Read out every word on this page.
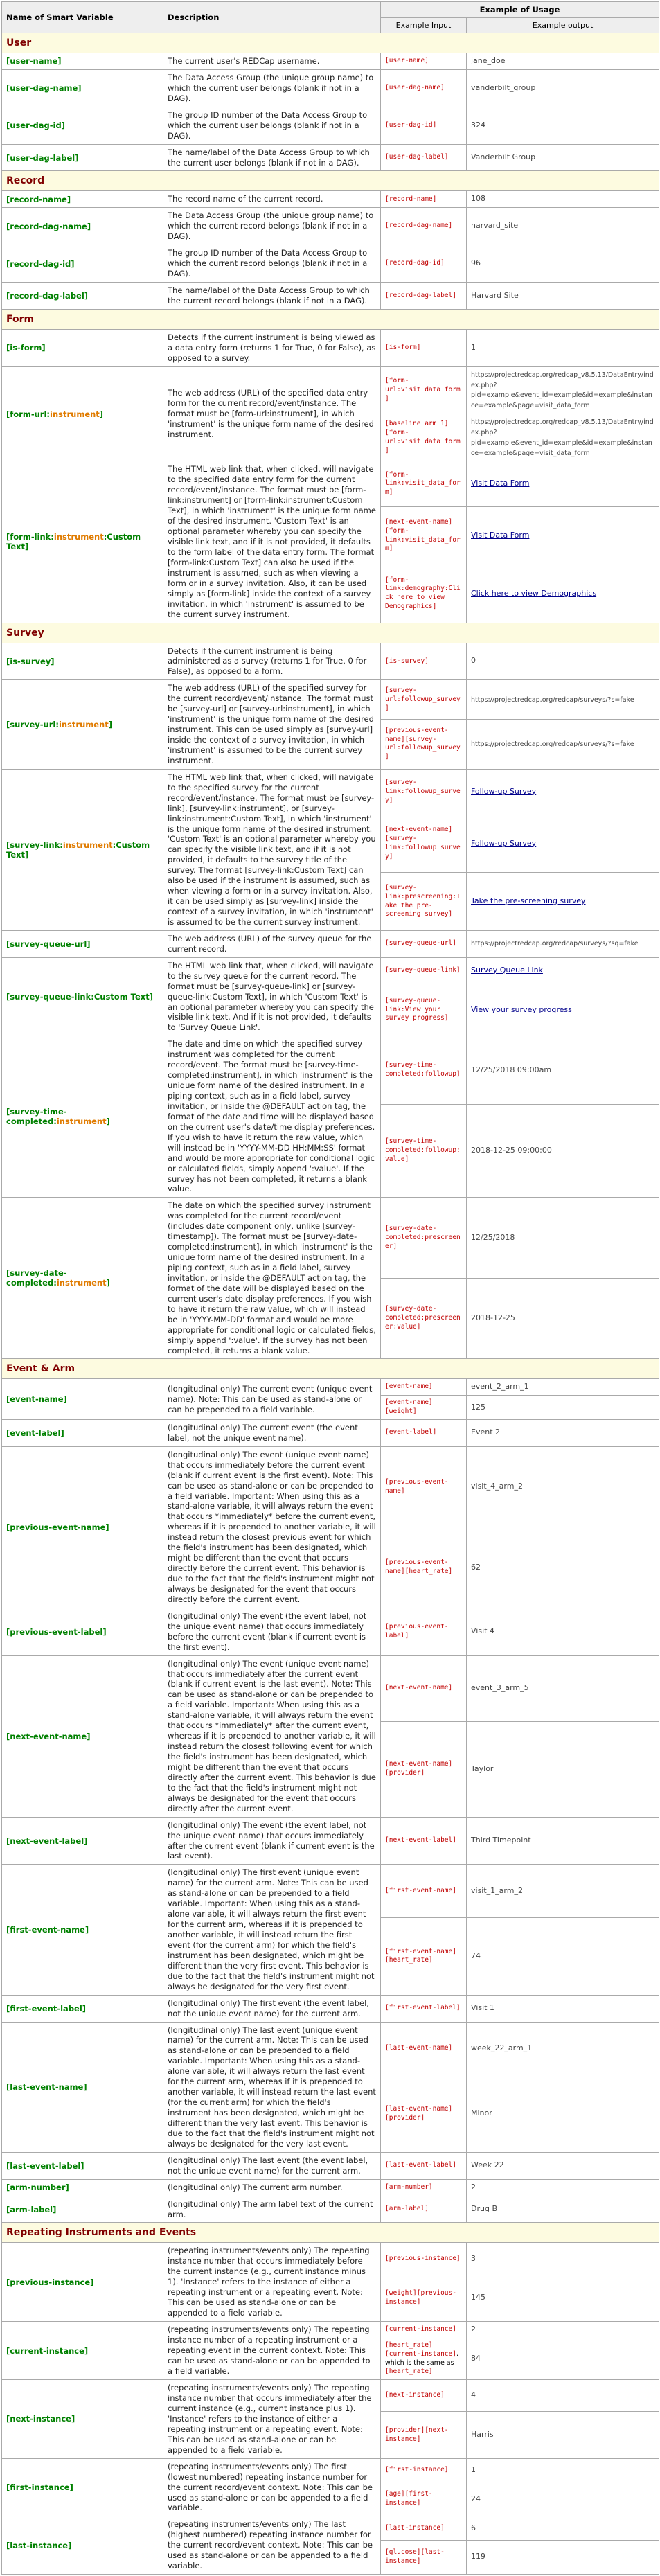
Name of Smart Variable	Description	Example of Usage	
		Example Input	Example output
User			
[user-name]	The current user's REDCap username.	[user-name]	jane_doe
[user-dag-name]	The Data Access Group (the unique group name) to which the current user belongs (blank if not in a DAG).	[user-dag-name]	vanderbilt_group
[user-dag-id]	The group ID number of the Data Access Group to which the current user belongs (blank if not in a DAG).	[user-dag-id]	324
[user-dag-label]	The name/label of the Data Access Group to which the current user belongs (blank if not in a DAG).	[user-dag-label]	Vanderbilt Group
Record			
[record-name]	The record name of the current record.	[record-name]	108
[record-dag-name]	The Data Access Group (the unique group name) to which the current record belongs (blank if not in a DAG).	[record-dag-name]	harvard_site
[record-dag-id]	The group ID number of the Data Access Group to which the current record belongs (blank if not in a DAG).	[record-dag-id]	96
[record-dag-label]	The name/label of the Data Access Group to which the current record belongs (blank if not in a DAG).	[record-dag-label]	Harvard Site
Form			
[is-form]	Detects if the current instrument is being viewed as a data entry form (returns 1 for True, 0 for False), as opposed to a survey.	[is-form]	1
[form-url:instrument]	The web address (URL) of the specified data entry form for the current record/event/instance. The format must be [form-url:instrument], in which 'instrument' is the unique form name of the desired instrument.	[form-url:visit_data_form]	https://projectredcap.org/redcap_v8.5.13/DataEntry/index.php?pid=example&event_id=example&id=example&instance=example&page=visit_data_form
		[baseline_arm_1][form-url:visit_data_form]	https://projectredcap.org/redcap_v8.5.13/DataEntry/index.php?pid=example&event_id=example&id=example&instance=example&page=visit_data_form
[form-link:instrument:Custom Text]	The HTML web link that, when clicked, will navigate to the specified data entry form for the current record/event/instance. The format must be [form-link:instrument] or [form-link:instrument:Custom Text], in which 'instrument' is the unique form name of the desired instrument. 'Custom Text' is an optional parameter whereby you can specify the visible link text, and if it is not provided, it defaults to the form label of the data entry form. The format [form-link:Custom Text] can also be used if the instrument is assumed, such as when viewing a form or in a survey invitation. Also, it can be used simply as [form-link] inside the context of a survey invitation, in which 'instrument' is assumed to be the current survey instrument.	[form-link:visit_data_form]	Visit Data Form
		[next-event-name][form-link:visit_data_form]	Visit Data Form
		[form-link:demography:Click here to view Demographics]	Click here to view Demographics
Survey			
[is-survey]	Detects if the current instrument is being administered as a survey (returns 1 for True, 0 for False), as opposed to a form.	[is-survey]	0
[survey-url:instrument]	The web address (URL) of the specified survey for the current record/event/instance. The format must be [survey-url] or [survey-url:instrument], in which 'instrument' is the unique form name of the desired instrument. This can be used simply as [survey-url] inside the context of a survey invitation, in which 'instrument' is assumed to be the current survey instrument.	[survey-url:followup_survey]	https://projectredcap.org/redcap/surveys/?s=fake
		[previous-event-name][survey-url:followup_survey]	https://projectredcap.org/redcap/surveys/?s=fake
[survey-link:instrument:Custom Text]	The HTML web link that, when clicked, will navigate to the specified survey for the current record/event/instance. The format must be [survey-link], [survey-link:instrument], or [survey-link:instrument:Custom Text], in which 'instrument' is the unique form name of the desired instrument. 'Custom Text' is an optional parameter whereby you can specify the visible link text, and if it is not provided, it defaults to the survey title of the survey. The format [survey-link:Custom Text] can also be used if the instrument is assumed, such as when viewing a form or in a survey invitation. Also, it can be used simply as [survey-link] inside the context of a survey invitation, in which 'instrument' is assumed to be the current survey instrument.	[survey-link:followup_survey]	Follow-up Survey
		[next-event-name][survey-link:followup_survey]	Follow-up Survey
		[survey-link:prescreening:Take the pre-screening survey]	Take the pre-screening survey
[survey-queue-url]	The web address (URL) of the survey queue for the current record.	[survey-queue-url]	https://projectredcap.org/redcap/surveys/?sq=fake
[survey-queue-link:Custom Text]	The HTML web link that, when clicked, will navigate to the survey queue for the current record. The format must be [survey-queue-link] or [survey-queue-link:Custom Text], in which 'Custom Text' is an optional parameter whereby you can specify the visible link text. And if it is not provided, it defaults to 'Survey Queue Link'.	[survey-queue-link]	Survey Queue Link
		[survey-queue-link:View your survey progress]	View your survey progress
[survey-time-completed:instrument]	The date and time on which the specified survey instrument was completed for the current record/event. The format must be [survey-time-completed:instrument], in which 'instrument' is the unique form name of the desired instrument. In a piping context, such as in a field label, survey invitation, or inside the @DEFAULT action tag, the format of the date and time will be displayed based on the current user's date/time display preferences. If you wish to have it return the raw value, which will instead be in 'YYYY-MM-DD HH:MM:SS' format and would be more appropriate for conditional logic or calculated fields, simply append ':value'. If the survey has not been completed, it returns a blank value.	[survey-time-completed:followup]	12/25/2018 09:00am
		[survey-time-completed:followup:value]	2018-12-25 09:00:00
[survey-date-completed:instrument]	The date on which the specified survey instrument was completed for the current record/event (includes date component only, unlike [survey-timestamp]). The format must be [survey-date-completed:instrument], in which 'instrument' is the unique form name of the desired instrument. In a piping context, such as in a field label, survey invitation, or inside the @DEFAULT action tag, the format of the date will be displayed based on the current user's date display preferences. If you wish to have it return the raw value, which will instead be in 'YYYY-MM-DD' format and would be more appropriate for conditional logic or calculated fields, simply append ':value'. If the survey has not been completed, it returns a blank value.	[survey-date-completed:prescreener]	12/25/2018
		[survey-date-completed:prescreener:value]	2018-12-25
Event & Arm			
[event-name]	(longitudinal only) The current event (unique event name). Note: This can be used as stand-alone or can be prepended to a field variable.	[event-name]	event_2_arm_1
		[event-name][weight]	125
[event-label]	(longitudinal only) The current event (the event label, not the unique event name).	[event-label]	Event 2
[previous-event-name]	(longitudinal only) The event (unique event name) that occurs immediately before the current event (blank if current event is the first event). Note: This can be used as stand-alone or can be prepended to a field variable. Important: When using this as a stand-alone variable, it will always return the event that occurs *immediately* before the current event, whereas if it is prepended to another variable, it will instead return the closest previous event for which the field's instrument has been designated, which might be different than the event that occurs directly before the current event. This behavior is due to the fact that the field's instrument might not always be designated for the event that occurs directly before the current event.	[previous-event-name]	visit_4_arm_2
		[previous-event-name][heart_rate]	62
[previous-event-label]	(longitudinal only) The event (the event label, not the unique event name) that occurs immediately before the current event (blank if current event is the first event).	[previous-event-label]	Visit 4
[next-event-name]	(longitudinal only) The event (unique event name) that occurs immediately after the current event (blank if current event is the last event). Note: This can be used as stand-alone or can be prepended to a field variable. Important: When using this as a stand-alone variable, it will always return the event that occurs *immediately* after the current event, whereas if it is prepended to another variable, it will instead return the closest following event for which the field's instrument has been designated, which might be different than the event that occurs directly after the current event. This behavior is due to the fact that the field's instrument might not always be designated for the event that occurs directly after the current event.	[next-event-name]	event_3_arm_5
		[next-event-name][provider]	Taylor
[next-event-label]	(longitudinal only) The event (the event label, not the unique event name) that occurs immediately after the current event (blank if current event is the last event).	[next-event-label]	Third Timepoint
[first-event-name]	(longitudinal only) The first event (unique event name) for the current arm. Note: This can be used as stand-alone or can be prepended to a field variable. Important: When using this as a stand-alone variable, it will always return the first event for the current arm, whereas if it is prepended to another variable, it will instead return the first event (for the current arm) for which the field's instrument has been designated, which might be different than the very first event. This behavior is due to the fact that the field's instrument might not always be designated for the very first event.	[first-event-name]	visit_1_arm_2
		[first-event-name][heart_rate]	74
[first-event-label]	(longitudinal only) The first event (the event label, not the unique event name) for the current arm.	[first-event-label]	Visit 1
[last-event-name]	(longitudinal only) The last event (unique event name) for the current arm. Note: This can be used as stand-alone or can be prepended to a field variable. Important: When using this as a stand-alone variable, it will always return the last event for the current arm, whereas if it is prepended to another variable, it will instead return the last event (for the current arm) for which the field's instrument has been designated, which might be different than the very last event. This behavior is due to the fact that the field's instrument might not always be designated for the very last event.	[last-event-name]	week_22_arm_1
		[last-event-name][provider]	Minor
[last-event-label]	(longitudinal only) The last event (the event label, not the unique event name) for the current arm.	[last-event-label]	Week 22
[arm-number]	(longitudinal only) The current arm number.	[arm-number]	2
[arm-label]	(longitudinal only) The arm label text of the current arm.	[arm-label]	Drug B
Repeating Instruments and Events			
[previous-instance]	(repeating instruments/events only) The repeating instance number that occurs immediately before the current instance (e.g., current instance minus 1). 'Instance' refers to the instance of either a repeating instrument or a repeating event. Note: This can be used as stand-alone or can be appended to a field variable.	[previous-instance]	3
		[weight][previous-instance]	145
[current-instance]	(repeating instruments/events only) The repeating instance number of a repeating instrument or a repeating event in the current context. Note: This can be used as stand-alone or can be appended to a field variable.	[current-instance]	2
		[heart_rate][current-instance], which is the same as [heart_rate]	84
[next-instance]	(repeating instruments/events only) The repeating instance number that occurs immediately after the current instance (e.g., current instance plus 1). 'Instance' refers to the instance of either a repeating instrument or a repeating event. Note: This can be used as stand-alone or can be appended to a field variable.	[next-instance]	4
		[provider][next-instance]	Harris
[first-instance]	(repeating instruments/events only) The first (lowest numbered) repeating instance number for the current record/event context. Note: This can be used as stand-alone or can be appended to a field variable.	[first-instance]	1
		[age][first-instance]	24
[last-instance]	(repeating instruments/events only) The last (highest numbered) repeating instance number for the current record/event context. Note: This can be used as stand-alone or can be appended to a field variable.	[last-instance]	6
		[glucose][last-instance]	119
